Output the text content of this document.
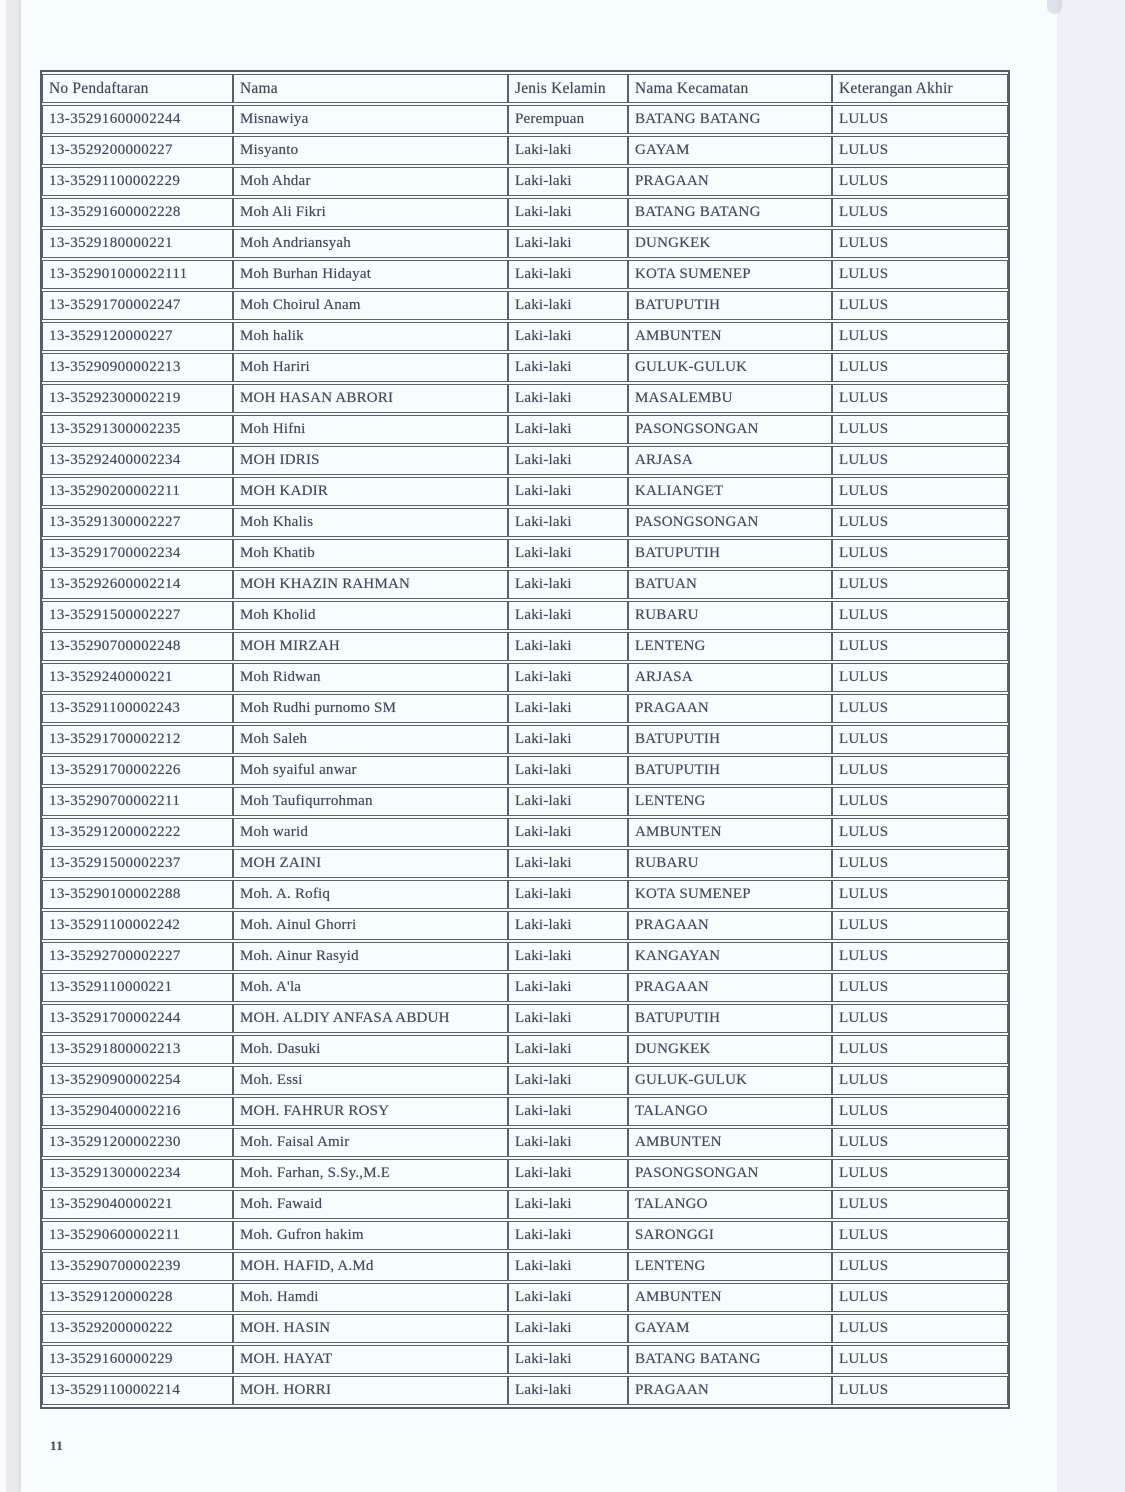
No Pendaftaran	Nama	Jenis Kelamin	Nama Kecamatan	Keterangan Akhir
13-35291600002244	Misnawiya	Perempuan	BATANG BATANG	LULUS
13-3529200000227	Misyanto	Laki-laki	GAYAM	LULUS
13-35291100002229	Moh Ahdar	Laki-laki	PRAGAAN	LULUS
13-35291600002228	Moh Ali Fikri	Laki-laki	BATANG BATANG	LULUS
13-3529180000221	Moh Andriansyah	Laki-laki	DUNGKEK	LULUS
13-352901000022111	Moh Burhan Hidayat	Laki-laki	KOTA SUMENEP	LULUS
13-35291700002247	Moh Choirul Anam	Laki-laki	BATUPUTIH	LULUS
13-3529120000227	Moh halik	Laki-laki	AMBUNTEN	LULUS
13-35290900002213	Moh Hariri	Laki-laki	GULUK-GULUK	LULUS
13-35292300002219	MOH HASAN ABRORI	Laki-laki	MASALEMBU	LULUS
13-35291300002235	Moh Hifni	Laki-laki	PASONGSONGAN	LULUS
13-35292400002234	MOH IDRIS	Laki-laki	ARJASA	LULUS
13-35290200002211	MOH KADIR	Laki-laki	KALIANGET	LULUS
13-35291300002227	Moh Khalis	Laki-laki	PASONGSONGAN	LULUS
13-35291700002234	Moh Khatib	Laki-laki	BATUPUTIH	LULUS
13-35292600002214	MOH KHAZIN RAHMAN	Laki-laki	BATUAN	LULUS
13-35291500002227	Moh Kholid	Laki-laki	RUBARU	LULUS
13-35290700002248	MOH MIRZAH	Laki-laki	LENTENG	LULUS
13-3529240000221	Moh Ridwan	Laki-laki	ARJASA	LULUS
13-35291100002243	Moh Rudhi purnomo SM	Laki-laki	PRAGAAN	LULUS
13-35291700002212	Moh Saleh	Laki-laki	BATUPUTIH	LULUS
13-35291700002226	Moh syaiful anwar	Laki-laki	BATUPUTIH	LULUS
13-35290700002211	Moh Taufiqurrohman	Laki-laki	LENTENG	LULUS
13-35291200002222	Moh warid	Laki-laki	AMBUNTEN	LULUS
13-35291500002237	MOH ZAINI	Laki-laki	RUBARU	LULUS
13-35290100002288	Moh. A. Rofiq	Laki-laki	KOTA SUMENEP	LULUS
13-35291100002242	Moh. Ainul Ghorri	Laki-laki	PRAGAAN	LULUS
13-35292700002227	Moh. Ainur Rasyid	Laki-laki	KANGAYAN	LULUS
13-3529110000221	Moh. A'la	Laki-laki	PRAGAAN	LULUS
13-35291700002244	MOH. ALDIY ANFASA ABDUH	Laki-laki	BATUPUTIH	LULUS
13-35291800002213	Moh. Dasuki	Laki-laki	DUNGKEK	LULUS
13-35290900002254	Moh. Essi	Laki-laki	GULUK-GULUK	LULUS
13-35290400002216	MOH. FAHRUR ROSY	Laki-laki	TALANGO	LULUS
13-35291200002230	Moh. Faisal Amir	Laki-laki	AMBUNTEN	LULUS
13-35291300002234	Moh. Farhan, S.Sy.,M.E	Laki-laki	PASONGSONGAN	LULUS
13-3529040000221	Moh. Fawaid	Laki-laki	TALANGO	LULUS
13-35290600002211	Moh. Gufron hakim	Laki-laki	SARONGGI	LULUS
13-35290700002239	MOH. HAFID, A.Md	Laki-laki	LENTENG	LULUS
13-3529120000228	Moh. Hamdi	Laki-laki	AMBUNTEN	LULUS
13-3529200000222	MOH. HASIN	Laki-laki	GAYAM	LULUS
13-3529160000229	MOH. HAYAT	Laki-laki	BATANG BATANG	LULUS
13-35291100002214	MOH. HORRI	Laki-laki	PRAGAAN	LULUS
11
